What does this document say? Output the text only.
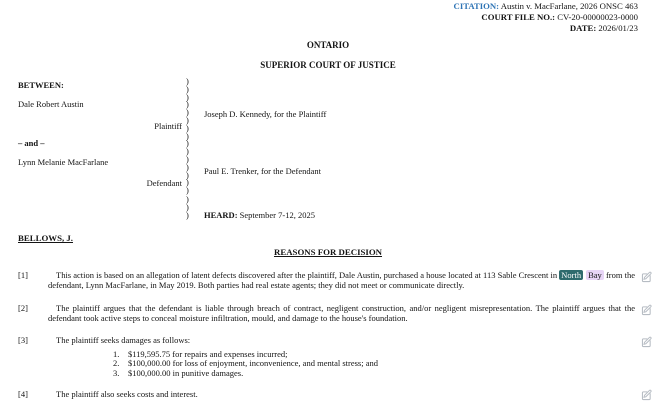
CITATION: Austin v. MacFarlane, 2026 ONSC 463
COURT FILE NO.: CV-20-00000023-0000
DATE: 2026/01/23
ONTARIO
SUPERIOR COURT OF JUSTICE
BETWEEN:
Dale Robert Austin
Plaintiff
– and –
Lynn Melanie MacFarlane
Defendant
)
)
)
)
)
)
)
)
)
)
)
)
)
)
)
)
)
)
Joseph D. Kennedy, for the Plaintiff
Paul E. Trenker, for the Defendant
HEARD: September 7-12, 2025
BELLOWS, J.
REASONS FOR DECISION
[1]	This action is based on an allegation of latent defects discovered after the plaintiff, Dale Austin, purchased a house located at 113 Sable Crescent in North Bay from the defendant, Lynn MacFarlane, in May 2019. Both parties had real estate agents; they did not meet or communicate directly.
[2]	The plaintiff argues that the defendant is liable through breach of contract, negligent construction, and/or negligent misrepresentation. The plaintiff argues that the defendant took active steps to conceal moisture infiltration, mould, and damage to the house's foundation.
[3]	The plaintiff seeks damages as follows:
1.	$119,595.75 for repairs and expenses incurred;
2.	$100,000.00 for loss of enjoyment, inconvenience, and mental stress; and
3.	$100,000.00 in punitive damages.
[4]	The plaintiff also seeks costs and interest.
